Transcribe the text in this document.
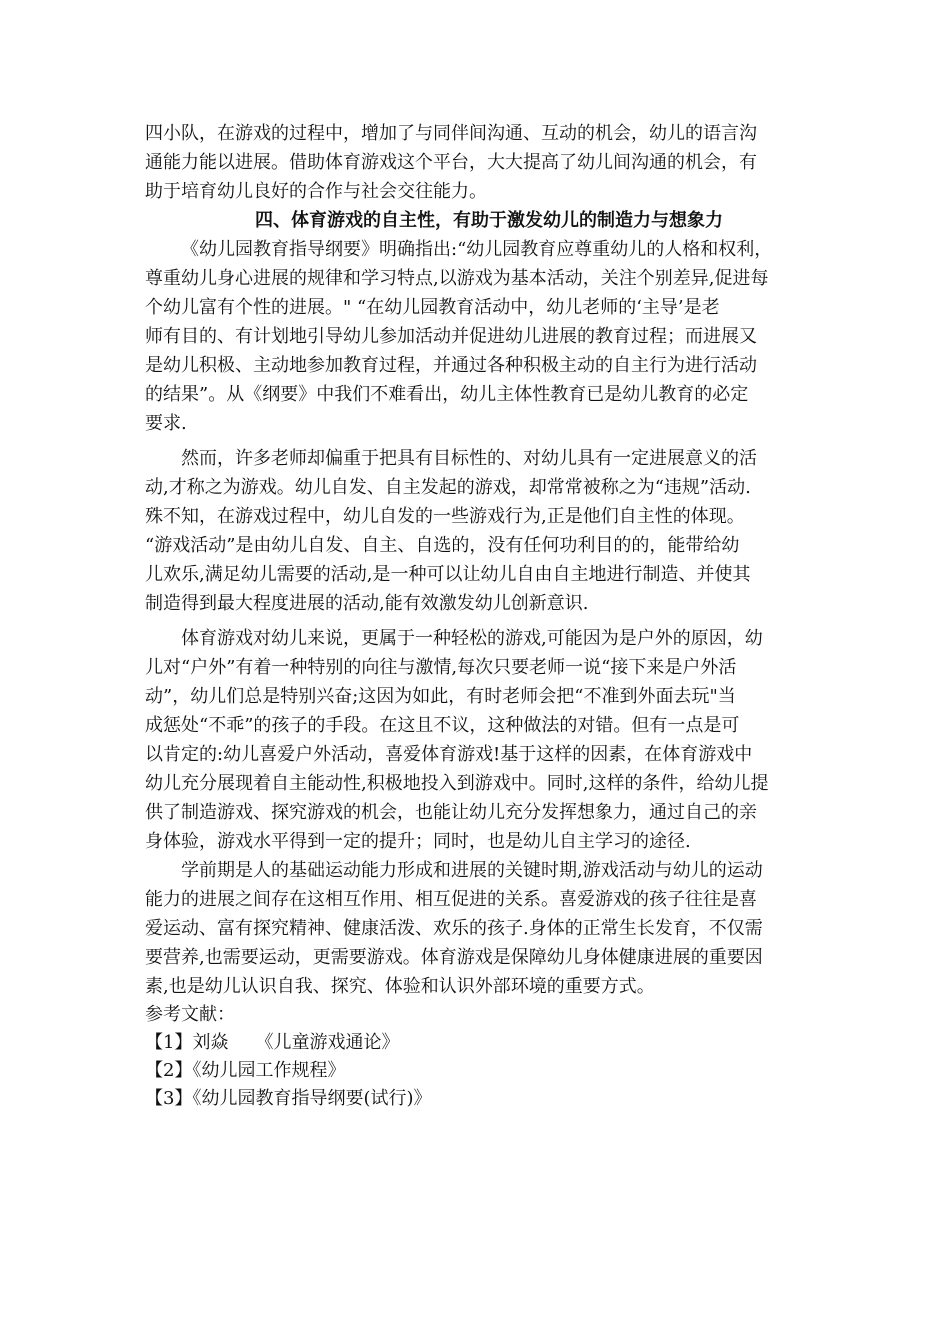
四小队，在游戏的过程中，增加了与同伴间沟通、互动的机会，幼儿的语言沟
通能力能以进展。借助体育游戏这个平台，大大提高了幼儿间沟通的机会，有
助于培育幼儿良好的合作与社会交往能力。
四、体育游戏的自主性，有助于激发幼儿的制造力与想象力
《幼儿园教育指导纲要》明确指出:“幼儿园教育应尊重幼儿的人格和权利，
尊重幼儿身心进展的规律和学习特点,以游戏为基本活动，关注个别差异,促进每
个幼儿富有个性的进展。" “在幼儿园教育活动中，幼儿老师的‘主导’是老
师有目的、有计划地引导幼儿参加活动并促进幼儿进展的教育过程；而进展又
是幼儿积极、主动地参加教育过程，并通过各种积极主动的自主行为进行活动
的结果”。从《纲要》中我们不难看出，幼儿主体性教育已是幼儿教育的必定
要求.
然而，许多老师却偏重于把具有目标性的、对幼儿具有一定进展意义的活
动,才称之为游戏。幼儿自发、自主发起的游戏，却常常被称之为“违规”活动.
殊不知，在游戏过程中，幼儿自发的一些游戏行为,正是他们自主性的体现。
“游戏活动”是由幼儿自发、自主、自选的，没有任何功利目的的，能带给幼
儿欢乐,满足幼儿需要的活动,是一种可以让幼儿自由自主地进行制造、并使其
制造得到最大程度进展的活动,能有效激发幼儿创新意识.
体育游戏对幼儿来说，更属于一种轻松的游戏,可能因为是户外的原因，幼
儿对“户外”有着一种特别的向往与激情,每次只要老师一说“接下来是户外活
动”，幼儿们总是特别兴奋;这因为如此，有时老师会把“不准到外面去玩"当
成惩处“不乖”的孩子的手段。在这且不议，这种做法的对错。但有一点是可
以肯定的:幼儿喜爱户外活动，喜爱体育游戏!基于这样的因素，在体育游戏中
幼儿充分展现着自主能动性,积极地投入到游戏中。同时,这样的条件，给幼儿提
供了制造游戏、探究游戏的机会，也能让幼儿充分发挥想象力，通过自己的亲
身体验，游戏水平得到一定的提升；同时，也是幼儿自主学习的途径.
学前期是人的基础运动能力形成和进展的关键时期,游戏活动与幼儿的运动
能力的进展之间存在这相互作用、相互促进的关系。喜爱游戏的孩子往往是喜
爱运动、富有探究精神、健康活泼、欢乐的孩子.身体的正常生长发育，不仅需
要营养,也需要运动，更需要游戏。体育游戏是保障幼儿身体健康进展的重要因
素,也是幼儿认识自我、探究、体验和认识外部环境的重要方式。
参考文献：
【1】刘焱　　《儿童游戏通论》
【2】《幼儿园工作规程》
【3】《幼儿园教育指导纲要(试行)》
